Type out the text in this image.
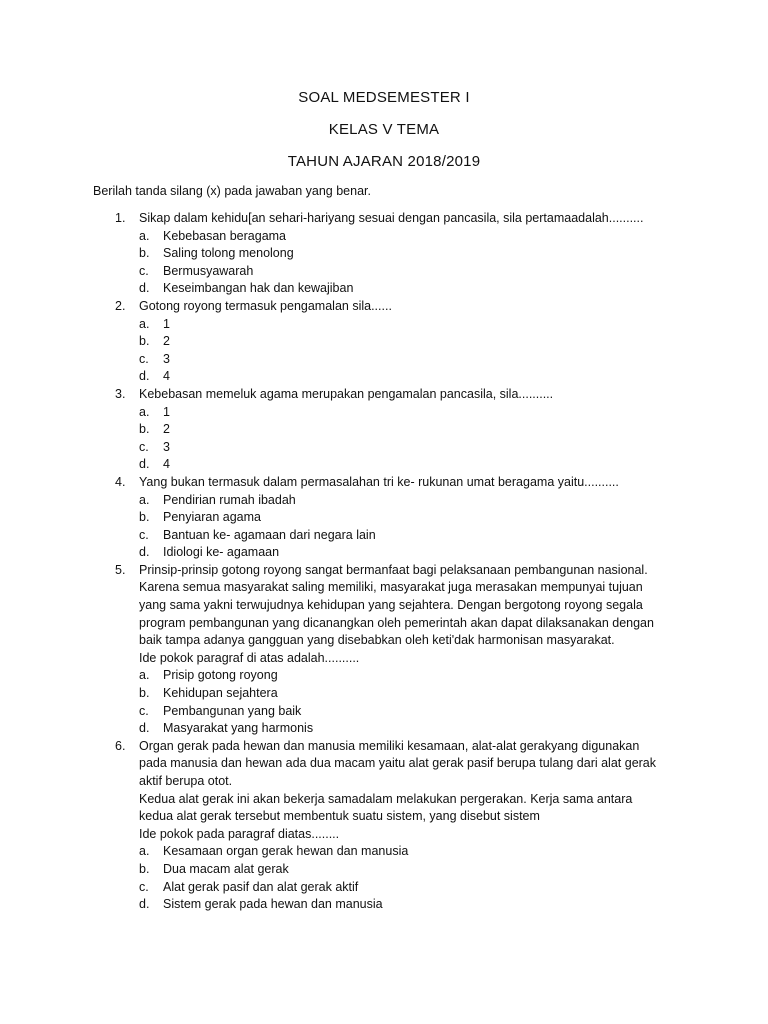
SOAL MEDSEMESTER I
KELAS V TEMA
TAHUN AJARAN 2018/2019
Berilah tanda silang (x) pada jawaban yang benar.
1. Sikap dalam kehidu[an sehari-hariyang sesuai dengan pancasila, sila pertamaadalah..........
a. Kebebasan beragama
b. Saling tolong menolong
c. Bermusyawarah
d. Keseimbangan hak dan kewajiban
2. Gotong royong termasuk pengamalan sila......
a. 1
b. 2
c. 3
d. 4
3. Kebebasan memeluk agama merupakan pengamalan pancasila, sila..........
a. 1
b. 2
c. 3
d. 4
4. Yang bukan termasuk dalam permasalahan tri ke- rukunan umat beragama yaitu..........
a. Pendirian rumah ibadah
b. Penyiaran agama
c. Bantuan ke- agamaan dari negara lain
d. Idiologi ke- agamaan
5. Prinsip-prinsip gotong royong sangat bermanfaat bagi pelaksanaan pembangunan nasional.
Karena semua masyarakat saling memiliki, masyarakat juga merasakan mempunyai tujuan
yang sama yakni terwujudnya kehidupan yang sejahtera. Dengan bergotong royong segala
program pembangunan yang dicanangkan oleh pemerintah akan dapat dilaksanakan dengan
baik tampa adanya gangguan yang disebabkan oleh keti'dak harmonisan masyarakat.
Ide pokok paragraf di atas adalah..........
a. Prisip gotong royong
b. Kehidupan sejahtera
c. Pembangunan yang baik
d. Masyarakat yang harmonis
6. Organ gerak pada hewan dan manusia memiliki kesamaan, alat-alat gerakyang digunakan
pada manusia dan hewan ada dua macam yaitu alat gerak pasif berupa tulang dari alat gerak
aktif berupa otot.
Kedua alat gerak ini akan bekerja samadalam melakukan pergerakan. Kerja sama antara
kedua alat gerak tersebut membentuk suatu sistem, yang disebut sistem
Ide pokok pada paragraf diatas........
a. Kesamaan organ gerak hewan dan manusia
b. Dua macam alat gerak
c. Alat gerak pasif dan alat gerak aktif
d. Sistem gerak pada hewan dan manusia
